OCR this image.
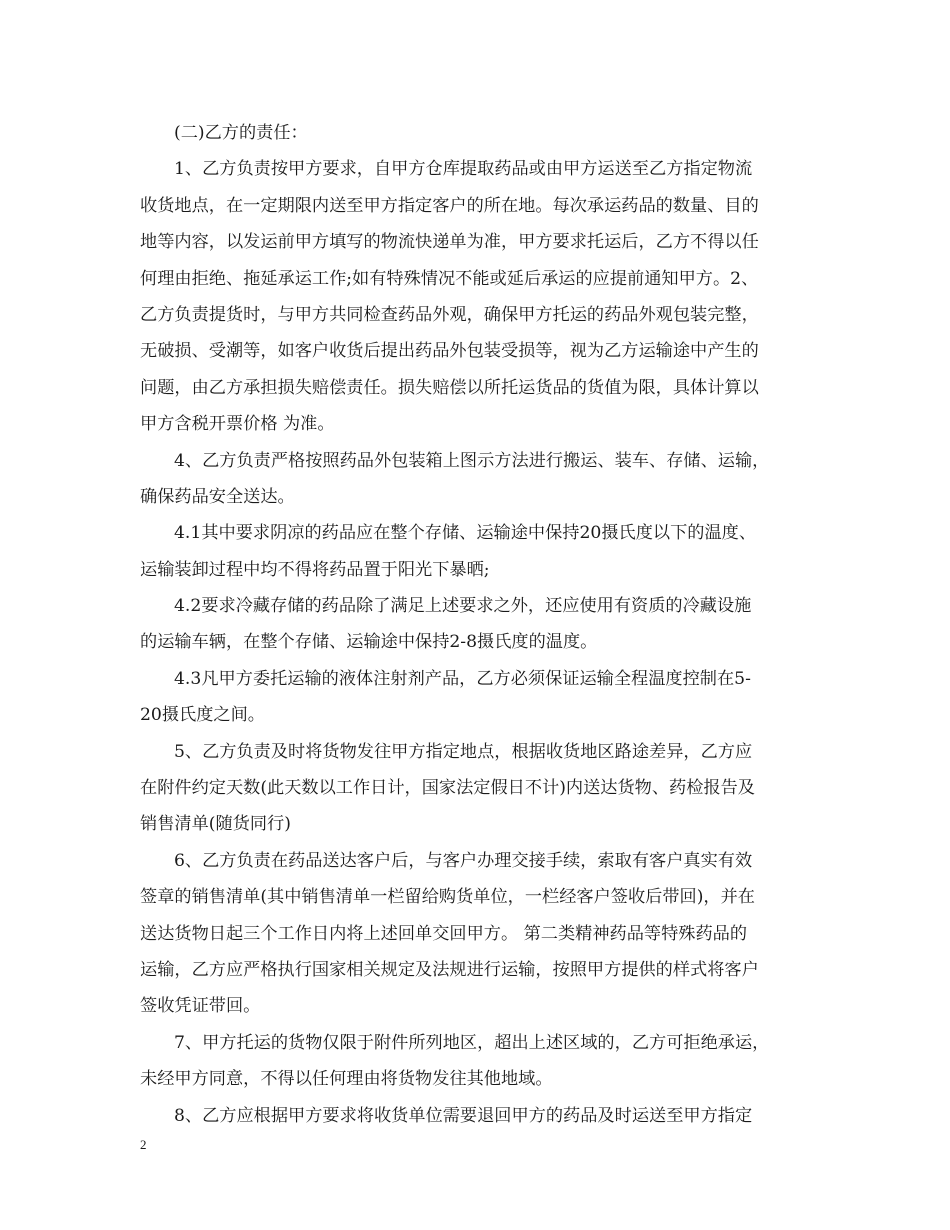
(二)乙方的责任：
1、乙方负责按甲方要求，自甲方仓库提取药品或由甲方运送至乙方指定物流
收货地点，在一定期限内送至甲方指定客户的所在地。每次承运药品的数量、目的
地等内容，以发运前甲方填写的物流快递单为准，甲方要求托运后，乙方不得以任
何理由拒绝、拖延承运工作;如有特殊情况不能或延后承运的应提前通知甲方。2、
乙方负责提货时，与甲方共同检查药品外观，确保甲方托运的药品外观包装完整，
无破损、受潮等，如客户收货后提出药品外包装受损等，视为乙方运输途中产生的
问题，由乙方承担损失赔偿责任。损失赔偿以所托运货品的货值为限，具体计算以
甲方含税开票价格 为准。
4、乙方负责严格按照药品外包装箱上图示方法进行搬运、装车、存储、运输，
确保药品安全送达。
4.1其中要求阴凉的药品应在整个存储、运输途中保持20摄氏度以下的温度、
运输装卸过程中均不得将药品置于阳光下暴晒;
4.2要求冷藏存储的药品除了满足上述要求之外，还应使用有资质的冷藏设施
的运输车辆，在整个存储、运输途中保持2-8摄氏度的温度。
4.3凡甲方委托运输的液体注射剂产品，乙方必须保证运输全程温度控制在5-
20摄氏度之间。
5、乙方负责及时将货物发往甲方指定地点，根据收货地区路途差异，乙方应
在附件约定天数(此天数以工作日计，国家法定假日不计)内送达货物、药检报告及
销售清单(随货同行)
6、乙方负责在药品送达客户后，与客户办理交接手续，索取有客户真实有效
签章的销售清单(其中销售清单一栏留给购货单位，一栏经客户签收后带回)，并在
送达货物日起三个工作日内将上述回单交回甲方。 第二类精神药品等特殊药品的
运输，乙方应严格执行国家相关规定及法规进行运输，按照甲方提供的样式将客户
签收凭证带回。
7、甲方托运的货物仅限于附件所列地区，超出上述区域的，乙方可拒绝承运，
未经甲方同意，不得以任何理由将货物发往其他地域。
8、乙方应根据甲方要求将收货单位需要退回甲方的药品及时运送至甲方指定
2
